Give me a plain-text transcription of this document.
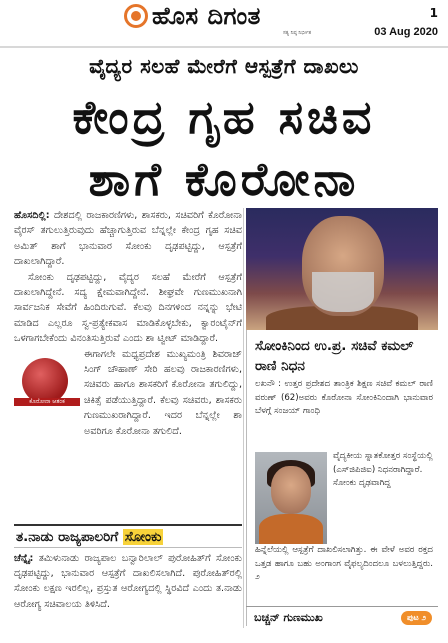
ಹೊಸ ದಿಗಂತ
ಸತ್ಯ ನಿಷ್ಠ ನಿರ್ಭೀತ
1
03 Aug 2020
ವೈದ್ಯರ ಸಲಹೆ ಮೇರೆಗೆ ಆಸ್ಪತ್ರೆಗೆ ದಾಖಲು
ಕೇಂದ್ರ ಗೃಹ ಸಚಿವ
ಶಾಗೆ ಕೊರೋನಾ

ಹೊಸದಿಲ್ಲಿ: ದೇಶದಲ್ಲಿ ರಾಜಕಾರಣಿಗಳು, ಶಾಸಕರು, ಸಚಿವರಿಗೆ ಕೊರೋನಾ ವೈರಸ್ ತಗುಲುತ್ತಿರುವುದು ಹೆಚ್ಚಾಗುತ್ತಿರುವ ಬೆನ್ನಲ್ಲೇ ಕೇಂದ್ರ ಗೃಹ ಸಚಿವ ಅಮಿತ್ ಶಾಗೆ ಭಾನುವಾರ ಸೋಂಕು ದೃಢಪಟ್ಟಿದ್ದು, ಆಸ್ಪತ್ರೆಗೆ ದಾಖಲಾಗಿದ್ದಾರೆ.

ಸೋಂಕು ದೃಢಪಟ್ಟಿದ್ದು, ವೈದ್ಯರ ಸಲಹೆ ಮೇರೆಗೆ ಆಸ್ಪತ್ರೆಗೆ ದಾಖಲಾಗಿದ್ದೇನೆ. ಸದ್ಯ ಕ್ಷೇಮವಾಗಿದ್ದೇನೆ. ಶೀಘ್ರವೇ ಗುಣಮುಖನಾಗಿ ಸಾರ್ವಜನಿಕ ಸೇವೆಗೆ ಹಿಂದಿರುಗುವೆ. ಕೆಲವು ದಿನಗಳಿಂದ ನನ್ನನ್ನು ಭೇಟಿ ಮಾಡಿದ ಎಲ್ಲರೂ ಸ್ವ-ಪ್ರತ್ಯೇಕವಾಸ ಮಾಡಿಕೊಳ್ಳಬೇಕು, ಕ್ವಾರಂಟೈನ್‌ಗೆ ಒಳಗಾಗಬೇಕೆಂದು ವಿನಂತಿಸುತ್ತಿರುವೆ ಎಂದು ಶಾ ಟ್ವೀಟ್ ಮಾಡಿದ್ದಾರೆ.

ಈಗಾಗಲೇ ಮಧ್ಯಪ್ರದೇಶ ಮುಖ್ಯಮಂತ್ರಿ ಶಿವರಾಜ್ ಸಿಂಗ್ ಚೌಹಾಣ್ ಸೇರಿ ಹಲವು ರಾಜಕಾರಣಿಗಳು, ಸಚಿವರು ಹಾಗೂ ಶಾಸಕರಿಗೆ ಕೊರೋನಾ ತಗುಲಿದ್ದು, ಚಿಕಿತ್ಸೆ ಪಡೆಯುತ್ತಿದ್ದಾರೆ. ಕೆಲವು ಸಚಿವರು, ಶಾಸಕರು ಗುಣಮುಖರಾಗಿದ್ದಾರೆ. ಇದರ ಬೆನ್ನಲ್ಲೇ ಶಾ ಅವರಿಗೂ ಕೊರೋನಾ ತಗುಲಿದೆ.

ಕೊರೋನಾ ಆತಂಕ
ಸೋಂಕಿನಿಂದ ಉ.ಪ್ರ. ಸಚಿವೆ ಕಮಲ್ ರಾಣಿ ನಿಧನ
ಲಖನೌ : ಉತ್ತರ ಪ್ರದೇಶದ ತಾಂತ್ರಿಕ ಶಿಕ್ಷಣ ಸಚಿವೆ ಕಮಲ್ ರಾಣಿ ವರುಣ್ (62)ಅವರು ಕೊರೋನಾ ಸೋಂಕಿನಿಂದಾಗಿ ಭಾನುವಾರ ಬೆಳಗ್ಗೆ ಸಂಜಯ್ ಗಾಂಧಿ
ವೈದ್ಯಕೀಯ ಸ್ನಾತಕೋತ್ತರ ಸಂಸ್ಥೆಯಲ್ಲಿ (ಎಸ್‌ಜಿಪಿಜಿಐ) ನಿಧನರಾಗಿದ್ದಾರೆ. ಸೋಂಕು ದೃಢವಾಗಿದ್ದ
ಹಿನ್ನೆಲೆಯಲ್ಲಿ ಆಸ್ಪತ್ರೆಗೆ ದಾಖಲಿಸಲಾಗಿತ್ತು. ಈ ವೇಳೆ ಅವರ ರಕ್ತದ ಒತ್ತಡ ಹಾಗೂ ಬಹು ಅಂಗಾಂಗ ವೈಫಲ್ಯದಿಂದಲೂ ಬಳಲುತ್ತಿದ್ದರು. ೨
ಬಚ್ಚನ್ ಗುಣಮುಖ	ಪುಟ ೨
ತ.ನಾಡು ರಾಜ್ಯಪಾಲರಿಗೆ ಸೋಂಕು

ಚೆನ್ನೈ: ತಮಿಳುನಾಡು ರಾಜ್ಯಪಾಲ ಬನ್ವಾರಿಲಾಲ್ ಪುರೋಹಿತ್‌ಗೆ ಸೋಂಕು ದೃಢಪಟ್ಟಿದ್ದು, ಭಾನುವಾರ ಆಸ್ಪತ್ರೆಗೆ ದಾಖಲಿಸಲಾಗಿದೆ. ಪುರೋಹಿತ್‌ರಲ್ಲಿ ಸೋಂಕು ಲಕ್ಷಣ ಇರಲಿಲ್ಲ, ಪ್ರಸ್ತುತ ಆರೋಗ್ಯದಲ್ಲಿ ಸ್ಥಿರವಿದೆ ಎಂದು ತ.ನಾಡು ಆರೋಗ್ಯ ಸಚಿವಾಲಯ ತಿಳಿಸಿದೆ.
